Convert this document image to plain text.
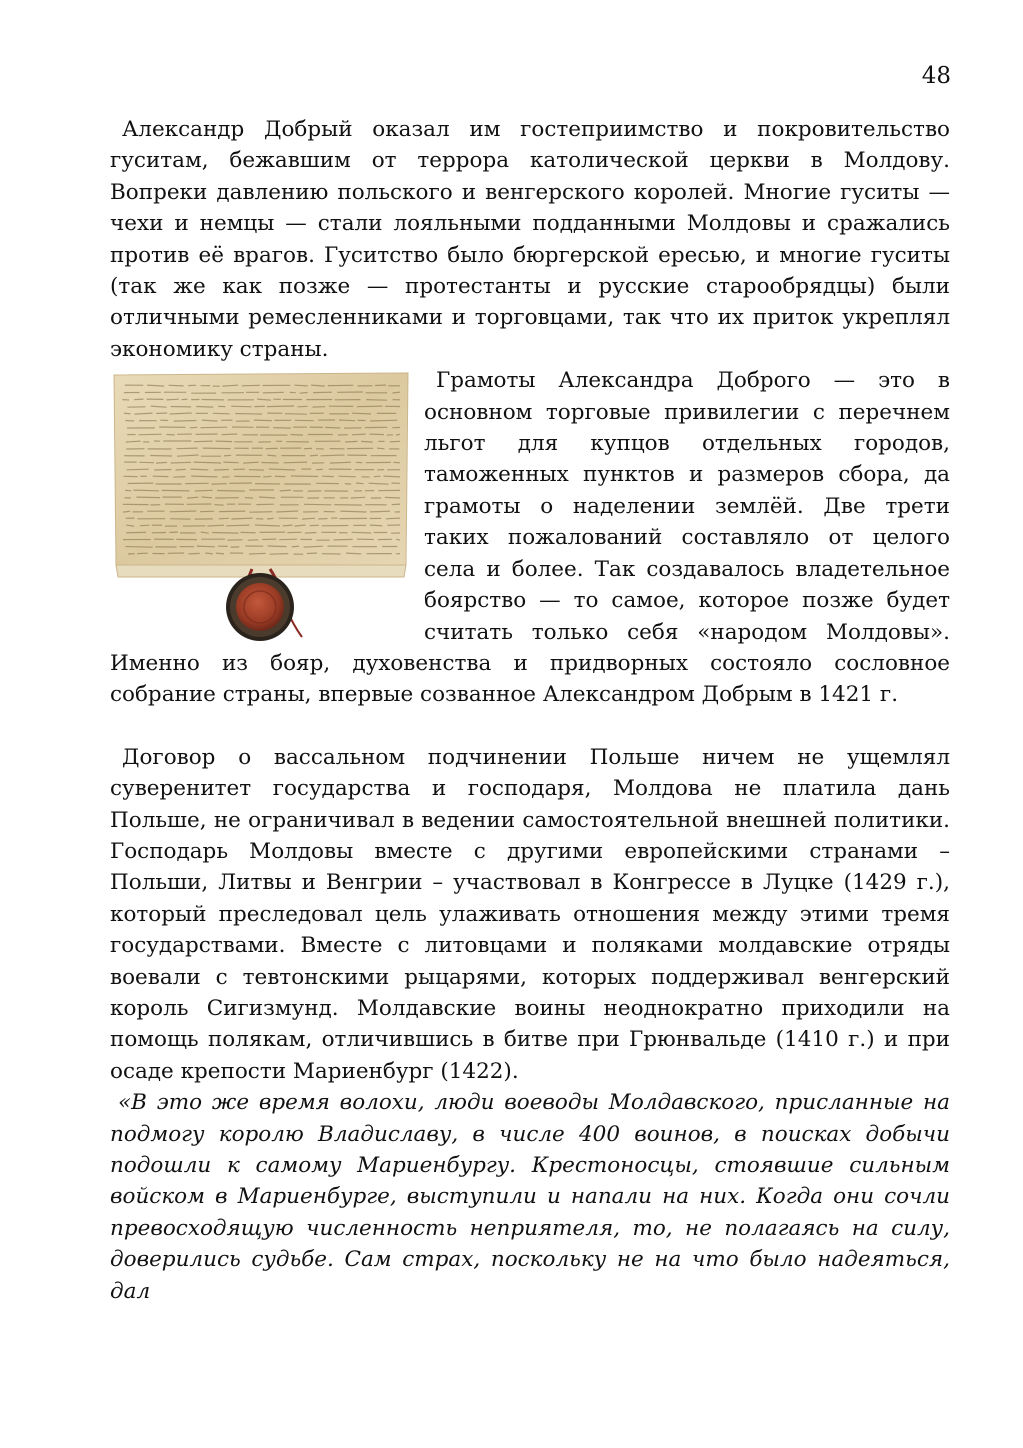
48

Александр Добрый оказал им гостеприимство и покровительство гуситам, бежавшим от террора католической церкви в Молдову. Вопреки давлению польского и венгерского королей. Многие гуситы — чехи и немцы — стали лояльными подданными Молдовы и сражались против её врагов. Гуситство было бюргерской ересью, и многие гуситы (так же как позже — протестанты и русские старообрядцы) были отличными ремесленниками и торговцами, так что их приток укреплял экономику страны.

Грамоты Александра Доброго — это в основном торговые привилегии с перечнем льгот для купцов отдельных городов, таможенных пунктов и размеров сбора, да грамоты о наделении землёй. Две трети таких пожалований составляло от целого села и более. Так создавалось владетельное боярство — то самое, которое позже будет считать только себя «народом Молдовы». Именно из бояр, духовенства и придворных состояло сословное собрание страны, впервые созванное Александром Добрым в 1421 г.

Договор о вассальном подчинении Польше ничем не ущемлял суверенитет государства и господаря, Молдова не платила дань Польше, не ограничивал в ведении самостоятельной внешней политики. Господарь Молдовы вместе с другими европейскими странами – Польши, Литвы и Венгрии – участвовал в Конгрессе в Луцке (1429 г.), который преследовал цель улаживать отношения между этими тремя государствами. Вместе с литовцами и поляками молдавские отряды воевали с тевтонскими рыцарями, которых поддерживал венгерский король Сигизмунд. Молдавские воины неоднократно приходили на помощь полякам, отличившись в битве при Грюнвальде (1410 г.) и при осаде крепости Мариенбург (1422).

«В это же время волохи, люди воеводы Молдавского, присланные на подмогу королю Владиславу, в числе 400 воинов, в поисках добычи подошли к самому Мариенбургу. Крестоносцы, стоявшие сильным войском в Мариенбурге, выступили и напали на них. Когда они сочли превосходящую численность неприятеля, то, не полагаясь на силу, доверились судьбе. Сам страх, поскольку не на что было надеяться, дал
